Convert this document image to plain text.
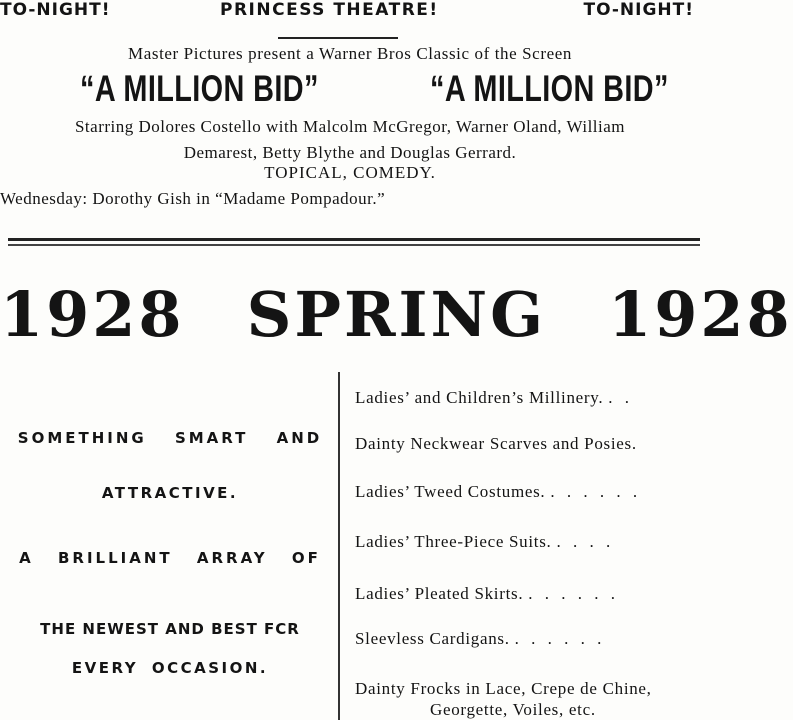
TO-NIGHT!	PRINCESS THEATRE!	TO-NIGHT!
Master Pictures present a Warner Bros Classic of the Screen
“A MILLION BID”	“A MILLION BID”
Starring Dolores Costello with Malcolm McGregor, Warner Oland, William
Demarest, Betty Blythe and Douglas Gerrard.
TOPICAL, COMEDY.
Wednesday: Dorothy Gish in “Madame Pompadour.”
1928 SPRING 1928
SOMETHING SMART AND
ATTRACTIVE.
A BRILLIANT ARRAY OF
THE NEWEST AND BEST FCR
EVERY OCCASION.
Ladies’ and Children’s Millinery. . .
Dainty Neckwear Scarves and Posies.
Ladies’ Tweed Costumes. . . . . . .
Ladies’ Three-Piece Suits. . . . .
Ladies’ Pleated Skirts. . . . . . .
Sleevless Cardigans. . . . . . .
Dainty Frocks in Lace, Crepe de Chine,
Georgette, Voiles, etc.
